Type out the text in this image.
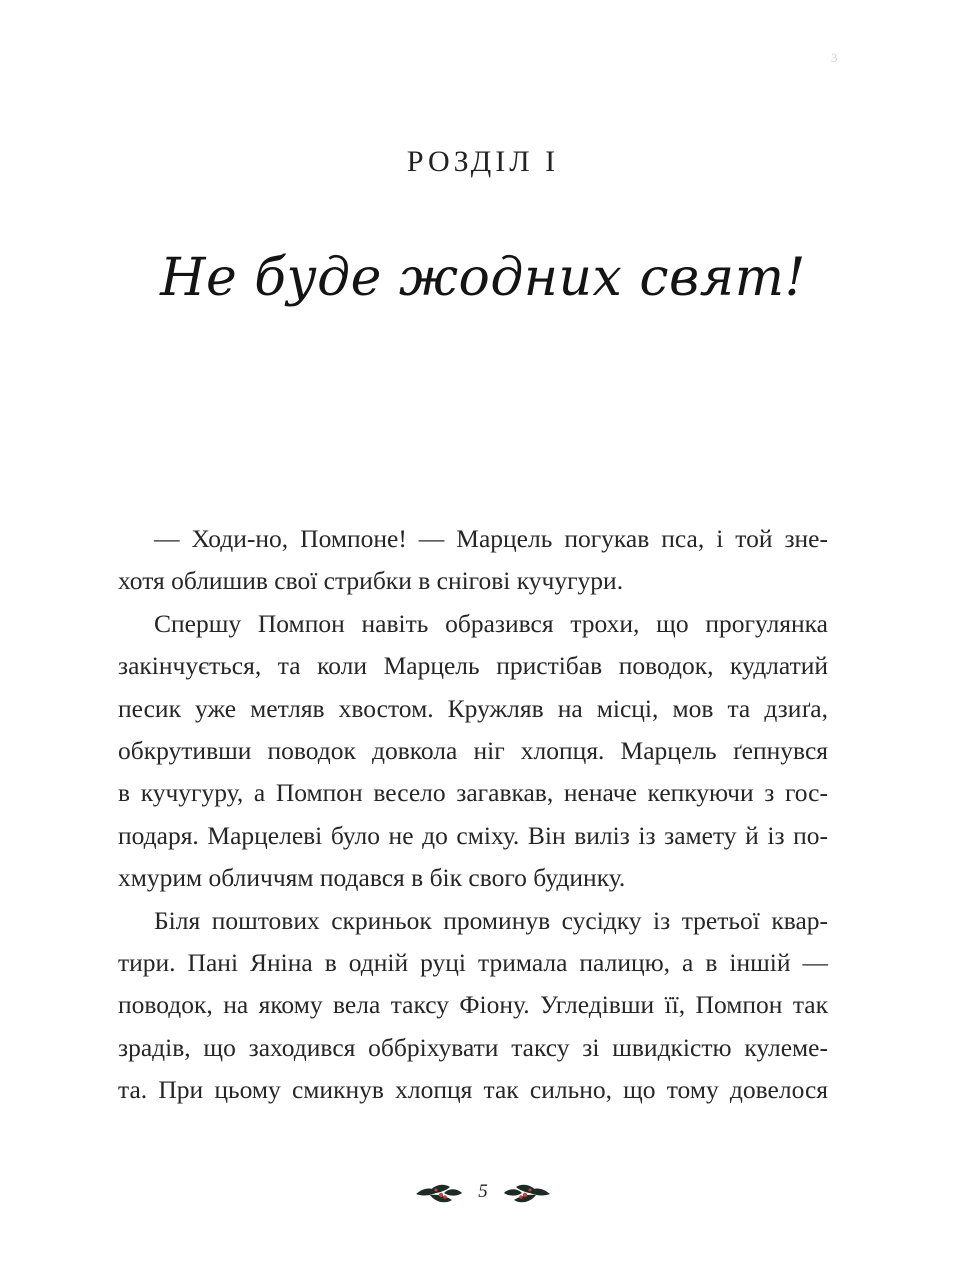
3
РОЗДІЛ І
Не буде жодних свят!
— Ходи-но, Помпоне! — Марцель погукав пса, і той зне-
хотя облишив свої стрибки в снігові кучугури.
Спершу Помпон навіть образився трохи, що прогулянка
закінчується, та коли Марцель пристібав поводок, кудлатий
песик уже метляв хвостом. Кружляв на місці, мов та дзиґа,
обкрутивши поводок довкола ніг хлопця. Марцель ґепнувся
в кучугуру, а Помпон весело загавкав, неначе кепкуючи з гос-
подаря. Марцелеві було не до сміху. Він виліз із замету й із по-
хмурим обличчям подався в бік свого будинку.
Біля поштових скриньок проминув сусідку із третьої квар-
тири. Пані Яніна в одній руці тримала палицю, а в іншій —
поводок, на якому вела таксу Фіону. Угледівши її, Помпон так
зрадів, що заходився оббріхувати таксу зі швидкістю кулеме-
та. При цьому смикнув хлопця так сильно, що тому довелося
5
